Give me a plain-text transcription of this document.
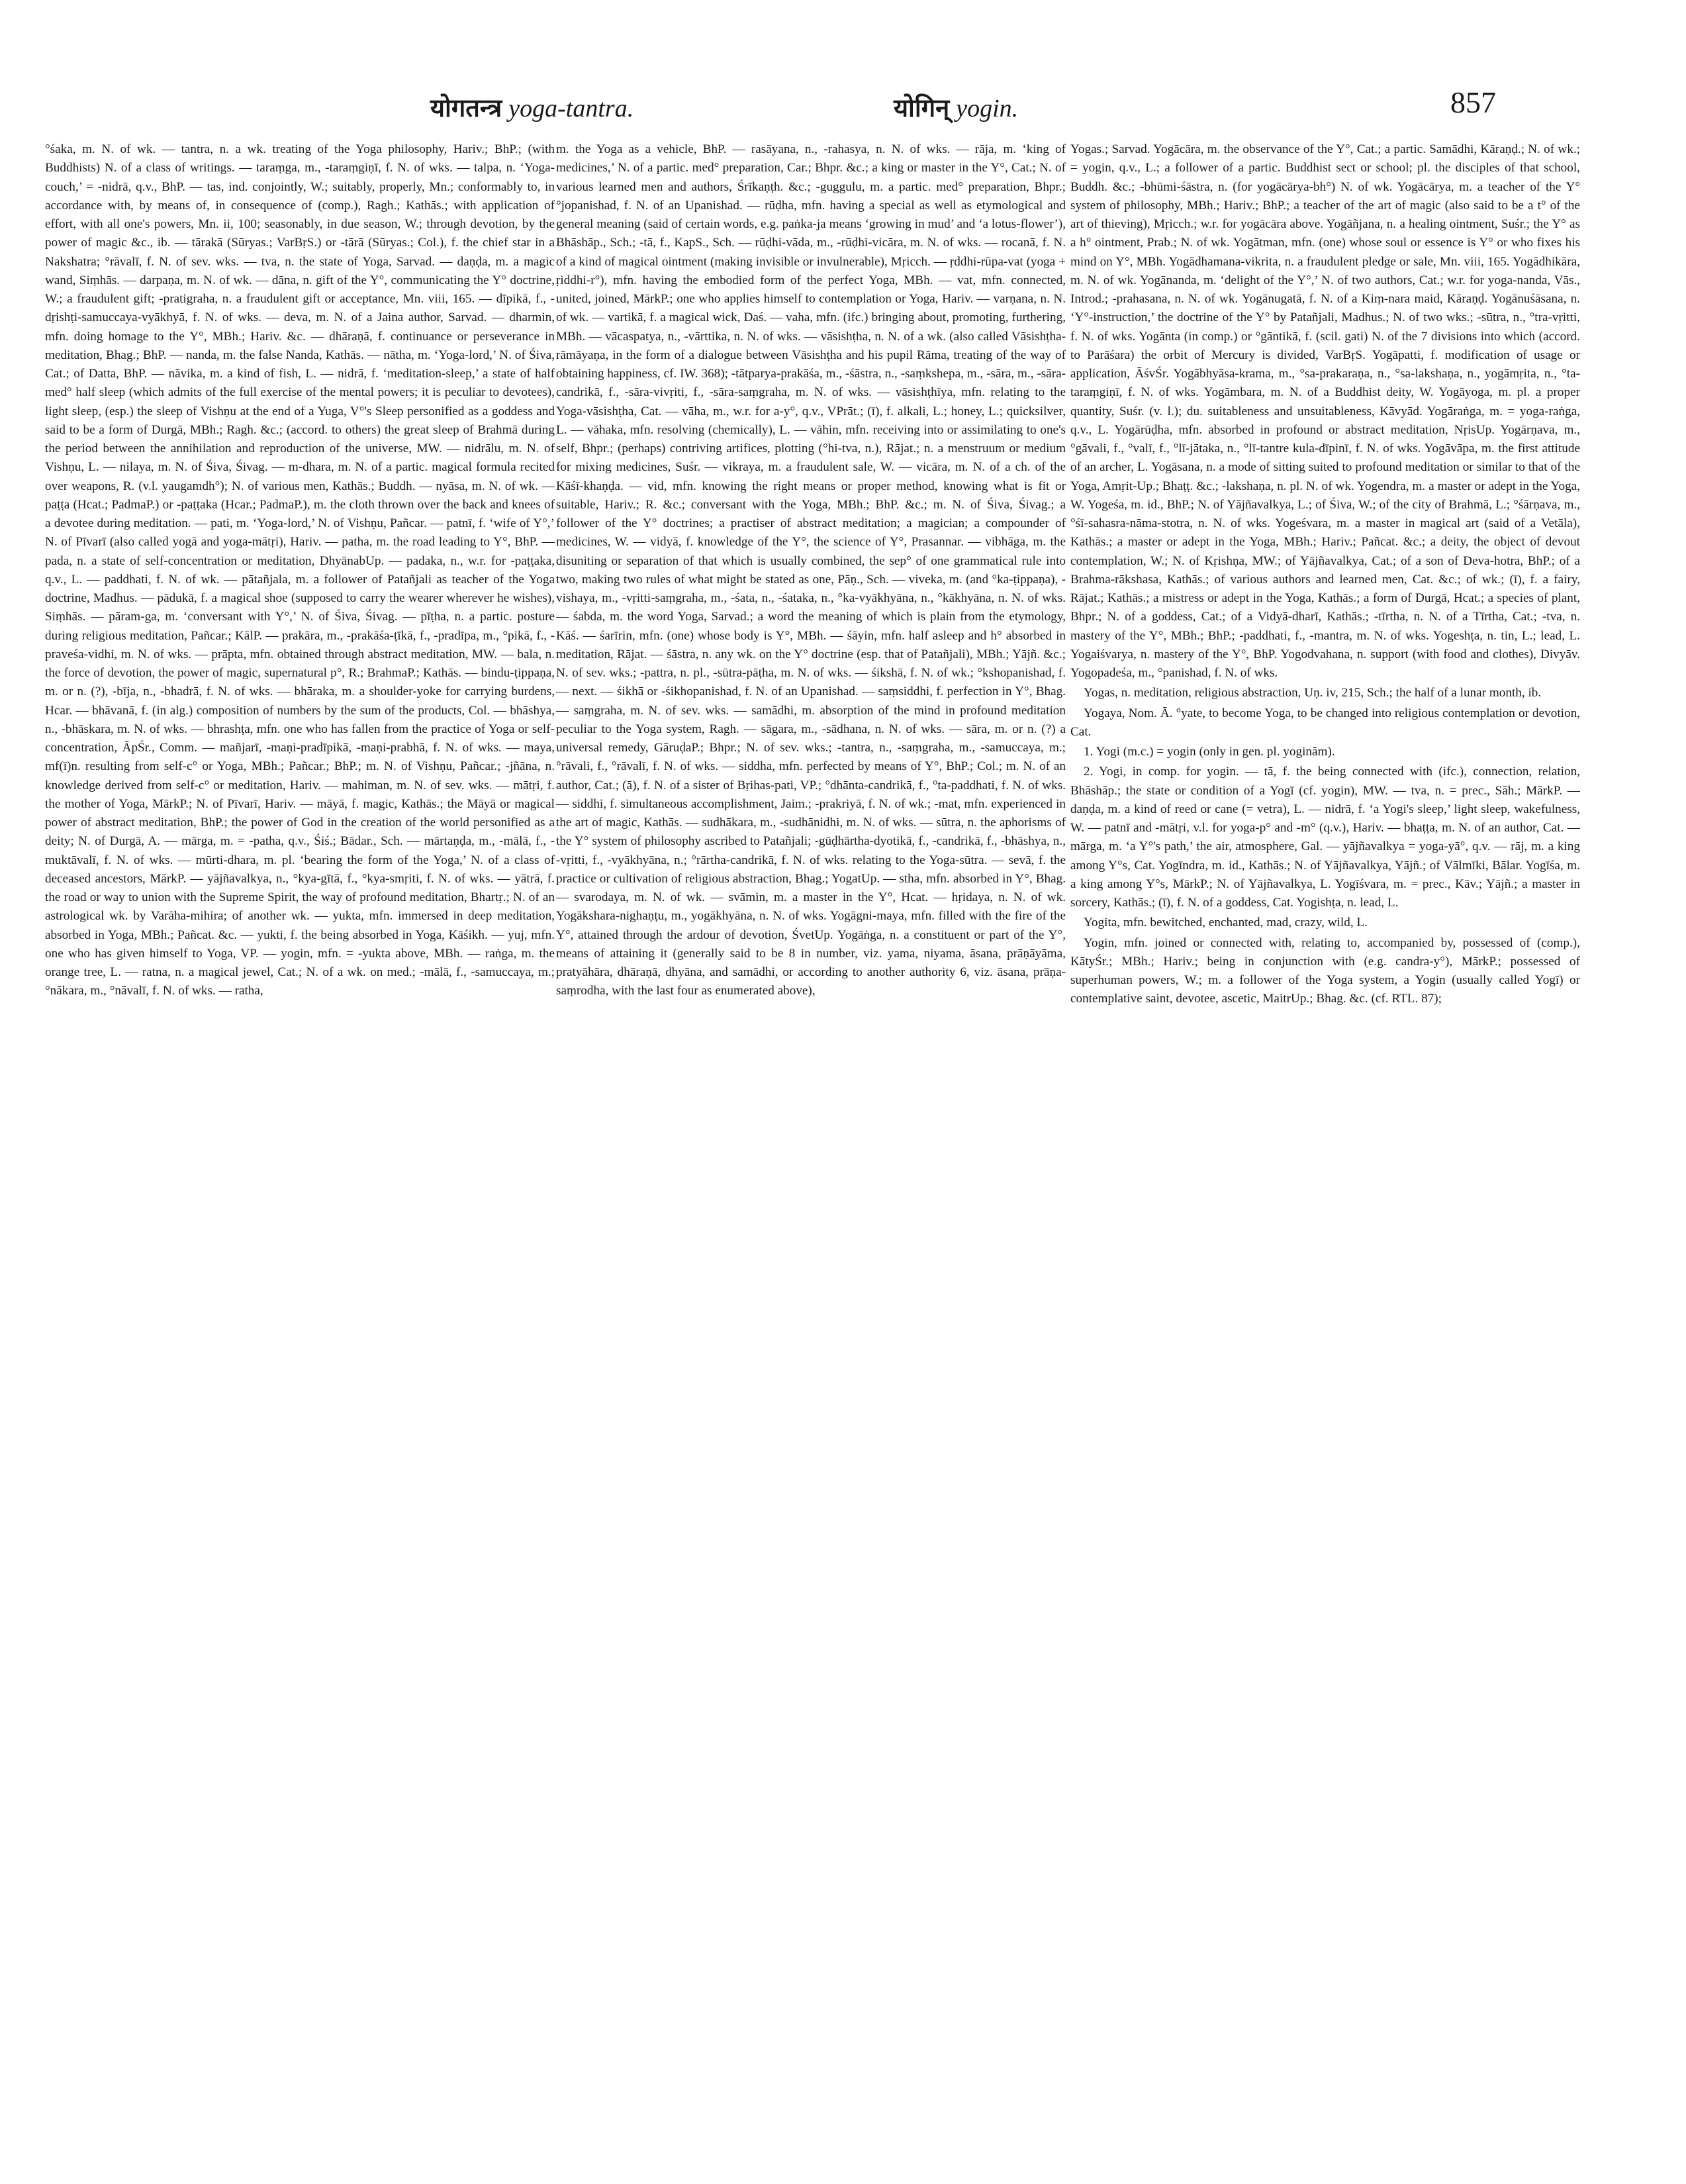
योगतन्त्र yoga-tantra.	योगिन् yogin.	857

°śaka, m. N. of wk. — tantra, n. a wk. treating of the Yoga philosophy, Hariv.; BhP.; (with Buddhists) N. of a class of writings. — taraṃga, m., -taraṃgiṇī, f. N. of wks. — talpa, n. ‘Yoga-couch,’ = -nidrā, q.v., BhP. — tas, ind. conjointly, W.; suitably, properly, Mn.; conformably to, in accordance with, by means of, in consequence of (comp.), Ragh.; Kathās.; with application of effort, with all one's powers, Mn. ii, 100; seasonably, in due season, W.; through devotion, by the power of magic &c., ib. — tārakā (Sūryas.; VarBṛS.) or -tārā (Sūryas.; Col.), f. the chief star in a Nakshatra; °rāvalī, f. N. of sev. wks. — tva, n. the state of Yoga, Sarvad. — daṇḍa, m. a magic wand, Siṃhās. — darpaṇa, m. N. of wk. — dāna, n. gift of the Y°, communicating the Y° doctrine, W.; a fraudulent gift; -pratigraha, n. a fraudulent gift or acceptance, Mn. viii, 165. — dīpikā, f., -dṛishṭi-samuccaya-vyākhyā, f. N. of wks. — deva, m. N. of a Jaina author, Sarvad. — dharmin, mfn. doing homage to the Y°, MBh.; Hariv. &c. — dhāraṇā, f. continuance or perseverance in meditation, Bhag.; BhP. — nanda, m. the false Nanda, Kathās. — nātha, m. ‘Yoga-lord,’ N. of Śiva, Cat.; of Datta, BhP. — nāvika, m. a kind of fish, L. — nidrā, f. ‘meditation-sleep,’ a state of half med° half sleep (which admits of the full exercise of the mental powers; it is peculiar to devotees), light sleep, (esp.) the sleep of Vishṇu at the end of a Yuga, V°'s Sleep personified as a goddess and said to be a form of Durgā, MBh.; Ragh. &c.; (accord. to others) the great sleep of Brahmā during the period between the annihilation and reproduction of the universe, MW. — nidrālu, m. N. of Vishṇu, L. — nilaya, m. N. of Śiva, Śivag. — m-dhara, m. N. of a partic. magical formula recited over weapons, R. (v.l. yaugamdh°); N. of various men, Kathās.; Buddh. — nyāsa, m. N. of wk. — paṭṭa (Hcat.; PadmaP.) or -paṭṭaka (Hcar.; PadmaP.), m. the cloth thrown over the back and knees of a devotee during meditation. — pati, m. ‘Yoga-lord,’ N. of Vishṇu, Pañcar. — patnī, f. ‘wife of Y°,’ N. of Pīvarī (also called yogā and yoga-mātṛi), Hariv. — patha, m. the road leading to Y°, BhP. — pada, n. a state of self-concentration or meditation, DhyānabUp. — padaka, n., w.r. for -paṭṭaka, q.v., L. — paddhati, f. N. of wk. — pātañjala, m. a follower of Patañjali as teacher of the Yoga doctrine, Madhus. — pādukā, f. a magical shoe (supposed to carry the wearer wherever he wishes), Siṃhās. — pāram-ga, m. ‘conversant with Y°,’ N. of Śiva, Śivag. — pīṭha, n. a partic. posture during religious meditation, Pañcar.; KālP. — prakāra, m., -prakāśa-ṭīkā, f., -pradīpa, m., °pikā, f., -praveśa-vidhi, m. N. of wks. — prāpta, mfn. obtained through abstract meditation, MW. — bala, n. the force of devotion, the power of magic, supernatural p°, R.; BrahmaP.; Kathās. — bindu-ṭippaṇa, m. or n. (?), -bīja, n., -bhadrā, f. N. of wks. — bhāraka, m. a shoulder-yoke for carrying burdens, Hcar. — bhāvanā, f. (in alg.) composition of numbers by the sum of the products, Col. — bhāshya, n., -bhāskara, m. N. of wks. — bhrashṭa, mfn. one who has fallen from the practice of Yoga or self-concentration, ĀpŚr., Comm. — mañjarī, -maṇi-pradīpikā, -maṇi-prabhā, f. N. of wks. — maya, mf(ī)n. resulting from self-c° or Yoga, MBh.; Pañcar.; BhP.; m. N. of Vishṇu, Pañcar.; -jñāna, n. knowledge derived from self-c° or meditation, Hariv. — mahiman, m. N. of sev. wks. — mātṛi, f. the mother of Yoga, MārkP.; N. of Pīvarī, Hariv. — māyā, f. magic, Kathās.; the Māyā or magical power of abstract meditation, BhP.; the power of God in the creation of the world personified as a deity; N. of Durgā, A. — mārga, m. = -patha, q.v., Śiś.; Bādar., Sch. — mārtaṇḍa, m., -mālā, f., -muktāvalī, f. N. of wks. — mūrti-dhara, m. pl. ‘bearing the form of the Yoga,’ N. of a class of deceased ancestors, MārkP. — yājñavalkya, n., °kya-gītā, f., °kya-smṛiti, f. N. of wks. — yātrā, f. the road or way to union with the Supreme Spirit, the way of profound meditation, Bhartṛ.; N. of an astrological wk. by Varāha-mihira; of another wk. — yukta, mfn. immersed in deep meditation, absorbed in Yoga, MBh.; Pañcat. &c. — yukti, f. the being absorbed in Yoga, Kāśikh. — yuj, mfn. one who has given himself to Yoga, VP. — yogin, mfn. = -yukta above, MBh. — raṅga, m. the orange tree, L. — ratna, n. a magical jewel, Cat.; N. of a wk. on med.; -mālā, f., -samuccaya, m.; °nākara, m., °nāvalī, f. N. of wks. — ratha,

m. the Yoga as a vehicle, BhP. — rasāyana, n., -rahasya, n. N. of wks. — rāja, m. ‘king of medicines,’ N. of a partic. med° preparation, Car.; Bhpr. &c.; a king or master in the Y°, Cat.; N. of various learned men and authors, Śrīkaṇṭh. &c.; -guggulu, m. a partic. med° preparation, Bhpr.; °jopanishad, f. N. of an Upanishad. — rūḍha, mfn. having a special as well as etymological and general meaning (said of certain words, e.g. paṅka-ja means ‘growing in mud’ and ‘a lotus-flower’), Bhāshāp., Sch.; -tā, f., KapS., Sch. — rūḍhi-vāda, m., -rūḍhi-vicāra, m. N. of wks. — rocanā, f. N. of a kind of magical ointment (making invisible or invulnerable), Mṛicch. — ṛddhi-rūpa-vat (yoga + ṛiddhi-r°), mfn. having the embodied form of the perfect Yoga, MBh. — vat, mfn. connected, united, joined, MārkP.; one who applies himself to contemplation or Yoga, Hariv. — varṇana, n. N. of wk. — vartikā, f. a magical wick, Daś. — vaha, mfn. (ifc.) bringing about, promoting, furthering, MBh. — vācaspatya, n., -vārttika, n. N. of wks. — vāsishṭha, n. N. of a wk. (also called Vāsishṭha-rāmāyaṇa, in the form of a dialogue between Vāsishṭha and his pupil Rāma, treating of the way of obtaining happiness, cf. IW. 368); -tātparya-prakāśa, m., -śāstra, n., -saṃkshepa, m., -sāra, m., -sāra-candrikā, f., -sāra-vivṛiti, f., -sāra-saṃgraha, m. N. of wks. — vāsishṭhīya, mfn. relating to the Yoga-vāsishṭha, Cat. — vāha, m., w.r. for a-y°, q.v., VPrāt.; (ī), f. alkali, L.; honey, L.; quicksilver, L. — vāhaka, mfn. resolving (chemically), L. — vāhin, mfn. receiving into or assimilating to one's self, Bhpr.; (perhaps) contriving artifices, plotting (°hi-tva, n.), Rājat.; n. a menstruum or medium for mixing medicines, Suśr. — vikraya, m. a fraudulent sale, W. — vicāra, m. N. of a ch. of the Kāśī-khaṇḍa. — vid, mfn. knowing the right means or proper method, knowing what is fit or suitable, Hariv.; R. &c.; conversant with the Yoga, MBh.; BhP. &c.; m. N. of Śiva, Śivag.; a follower of the Y° doctrines; a practiser of abstract meditation; a magician; a compounder of medicines, W. — vidyā, f. knowledge of the Y°, the science of Y°, Prasannar. — vibhāga, m. the disuniting or separation of that which is usually combined, the sep° of one grammatical rule into two, making two rules of what might be stated as one, Pāṇ., Sch. — viveka, m. (and °ka-ṭippaṇa), -vishaya, m., -vṛitti-saṃgraha, m., -śata, n., -śataka, n., °ka-vyākhyāna, n., °kākhyāna, n. N. of wks. — śabda, m. the word Yoga, Sarvad.; a word the meaning of which is plain from the etymology, Kāś. — śarīrin, mfn. (one) whose body is Y°, MBh. — śāyin, mfn. half asleep and h° absorbed in meditation, Rājat. — śāstra, n. any wk. on the Y° doctrine (esp. that of Patañjali), MBh.; Yājñ. &c.; N. of sev. wks.; -pattra, n. pl., -sūtra-pāṭha, m. N. of wks. — śikshā, f. N. of wk.; °kshopanishad, f. — next. — śikhā or -śikhopanishad, f. N. of an Upanishad. — saṃsiddhi, f. perfection in Y°, Bhag. — saṃgraha, m. N. of sev. wks. — samādhi, m. absorption of the mind in profound meditation peculiar to the Yoga system, Ragh. — sāgara, m., -sādhana, n. N. of wks. — sāra, m. or n. (?) a universal remedy, GāruḍaP.; Bhpr.; N. of sev. wks.; -tantra, n., -saṃgraha, m., -samuccaya, m.; °rāvali, f., °rāvalī, f. N. of wks. — siddha, mfn. perfected by means of Y°, BhP.; Col.; m. N. of an author, Cat.; (ā), f. N. of a sister of Bṛihas-pati, VP.; °dhānta-candrikā, f., °ta-paddhati, f. N. of wks. — siddhi, f. simultaneous accomplishment, Jaim.; -prakriyā, f. N. of wk.; -mat, mfn. experienced in the art of magic, Kathās. — sudhākara, m., -sudhānidhi, m. N. of wks. — sūtra, n. the aphorisms of the Y° system of philosophy ascribed to Patañjali; -gūḍhārtha-dyotikā, f., -candrikā, f., -bhāshya, n., -vṛitti, f., -vyākhyāna, n.; °rārtha-candrikā, f. N. of wks. relating to the Yoga-sūtra. — sevā, f. the practice or cultivation of religious abstraction, Bhag.; YogatUp. — stha, mfn. absorbed in Y°, Bhag. — svarodaya, m. N. of wk. — svāmin, m. a master in the Y°, Hcat. — hṛidaya, n. N. of wk. Yogākshara-nighaṇṭu, m., yogākhyāna, n. N. of wks. Yogāgni-maya, mfn. filled with the fire of the Y°, attained through the ardour of devotion, ŚvetUp. Yogāṅga, n. a constituent or part of the Y°, means of attaining it (generally said to be 8 in number, viz. yama, niyama, āsana, prāṇāyāma, pratyāhāra, dhāraṇā, dhyāna, and samādhi, or according to another authority 6, viz. āsana, prāṇa-saṃrodha, with the last four as enumerated above),

Yogas.; Sarvad. Yogācāra, m. the observance of the Y°, Cat.; a partic. Samādhi, Kāraṇḍ.; N. of wk.; = yogin, q.v., L.; a follower of a partic. Buddhist sect or school; pl. the disciples of that school, Buddh. &c.; -bhūmi-śāstra, n. (for yogācārya-bh°) N. of wk. Yogācārya, m. a teacher of the Y° system of philosophy, MBh.; Hariv.; BhP.; a teacher of the art of magic (also said to be a t° of the art of thieving), Mṛicch.; w.r. for yogācāra above. Yogāñjana, n. a healing ointment, Suśr.; the Y° as a h° ointment, Prab.; N. of wk. Yogātman, mfn. (one) whose soul or essence is Y° or who fixes his mind on Y°, MBh. Yogādhamana-vikrita, n. a fraudulent pledge or sale, Mn. viii, 165. Yogādhikāra, m. N. of wk. Yogānanda, m. ‘delight of the Y°,’ N. of two authors, Cat.; w.r. for yoga-nanda, Vās., Introd.; -prahasana, n. N. of wk. Yogānugatā, f. N. of a Kiṃ-nara maid, Kāraṇḍ. Yogānuśāsana, n. ‘Y°-instruction,’ the doctrine of the Y° by Patañjali, Madhus.; N. of two wks.; -sūtra, n., °tra-vṛitti, f. N. of wks. Yogānta (in comp.) or °gāntikā, f. (scil. gati) N. of the 7 divisions into which (accord. to Parāśara) the orbit of Mercury is divided, VarBṛS. Yogāpatti, f. modification of usage or application, ĀśvŚr. Yogābhyāsa-krama, m., °sa-prakaraṇa, n., °sa-lakshaṇa, n., yogāmṛita, n., °ta-taraṃgiṇī, f. N. of wks. Yogāmbara, m. N. of a Buddhist deity, W. Yogāyoga, m. pl. a proper quantity, Suśr. (v. l.); du. suitableness and unsuitableness, Kāvyād. Yogāraṅga, m. = yoga-raṅga, q.v., L. Yogārūḍha, mfn. absorbed in profound or abstract meditation, NṛisUp. Yogārṇava, m., °gāvali, f., °valī, f., °lī-jātaka, n., °lī-tantre kula-dīpinī, f. N. of wks. Yogāvāpa, m. the first attitude of an archer, L. Yogāsana, n. a mode of sitting suited to profound meditation or similar to that of the Yoga, Amṛit-Up.; Bhaṭṭ. &c.; -lakshaṇa, n. pl. N. of wk. Yogendra, m. a master or adept in the Yoga, W. Yogeśa, m. id., BhP.; N. of Yājñavalkya, L.; of Śiva, W.; of the city of Brahmā, L.; °śārṇava, m., °śī-sahasra-nāma-stotra, n. N. of wks. Yogeśvara, m. a master in magical art (said of a Vetāla), Kathās.; a master or adept in the Yoga, MBh.; Hariv.; Pañcat. &c.; a deity, the object of devout contemplation, W.; N. of Kṛishṇa, MW.; of Yājñavalkya, Cat.; of a son of Deva-hotra, BhP.; of a Brahma-rākshasa, Kathās.; of various authors and learned men, Cat. &c.; of wk.; (ī), f. a fairy, Rājat.; Kathās.; a mistress or adept in the Yoga, Kathās.; a form of Durgā, Hcat.; a species of plant, Bhpr.; N. of a goddess, Cat.; of a Vidyā-dharī, Kathās.; -tīrtha, n. N. of a Tīrtha, Cat.; -tva, n. mastery of the Y°, MBh.; BhP.; -paddhati, f., -mantra, m. N. of wks. Yogeshṭa, n. tin, L.; lead, L. Yogaiśvarya, n. mastery of the Y°, BhP. Yogodvahana, n. support (with food and clothes), Divyāv. Yogopadeśa, m., °panishad, f. N. of wks.

Yogas, n. meditation, religious abstraction, Uṇ. iv, 215, Sch.; the half of a lunar month, ib.

Yogaya, Nom. Ā. °yate, to become Yoga, to be changed into religious contemplation or devotion, Cat.

1. Yogi (m.c.) = yogin (only in gen. pl. yoginām).

2. Yogi, in comp. for yogin. — tā, f. the being connected with (ifc.), connection, relation, Bhāshāp.; the state or condition of a Yogī (cf. yogin), MW. — tva, n. = prec., Sāh.; MārkP. — daṇḍa, m. a kind of reed or cane (= vetra), L. — nidrā, f. ‘a Yogi's sleep,’ light sleep, wakefulness, W. — patnī and -mātṛi, v.l. for yoga-p° and -m° (q.v.), Hariv. — bhaṭṭa, m. N. of an author, Cat. — mārga, m. ‘a Y°'s path,’ the air, atmosphere, Gal. — yājñavalkya = yoga-yā°, q.v. — rāj, m. a king among Y°s, Cat. Yogīndra, m. id., Kathās.; N. of Yājñavalkya, Yājñ.; of Vālmīki, Bālar. Yogīśa, m. a king among Y°s, MārkP.; N. of Yājñavalkya, L. Yogīśvara, m. = prec., Kāv.; Yājñ.; a master in sorcery, Kathās.; (ī), f. N. of a goddess, Cat. Yogishṭa, n. lead, L.

Yogita, mfn. bewitched, enchanted, mad, crazy, wild, L.

Yogin, mfn. joined or connected with, relating to, accompanied by, possessed of (comp.), KātyŚr.; MBh.; Hariv.; being in conjunction with (e.g. candra-y°), MārkP.; possessed of superhuman powers, W.; m. a follower of the Yoga system, a Yogin (usually called Yogī) or contemplative saint, devotee, ascetic, MaitrUp.; Bhag. &c. (cf. RTL. 87);
